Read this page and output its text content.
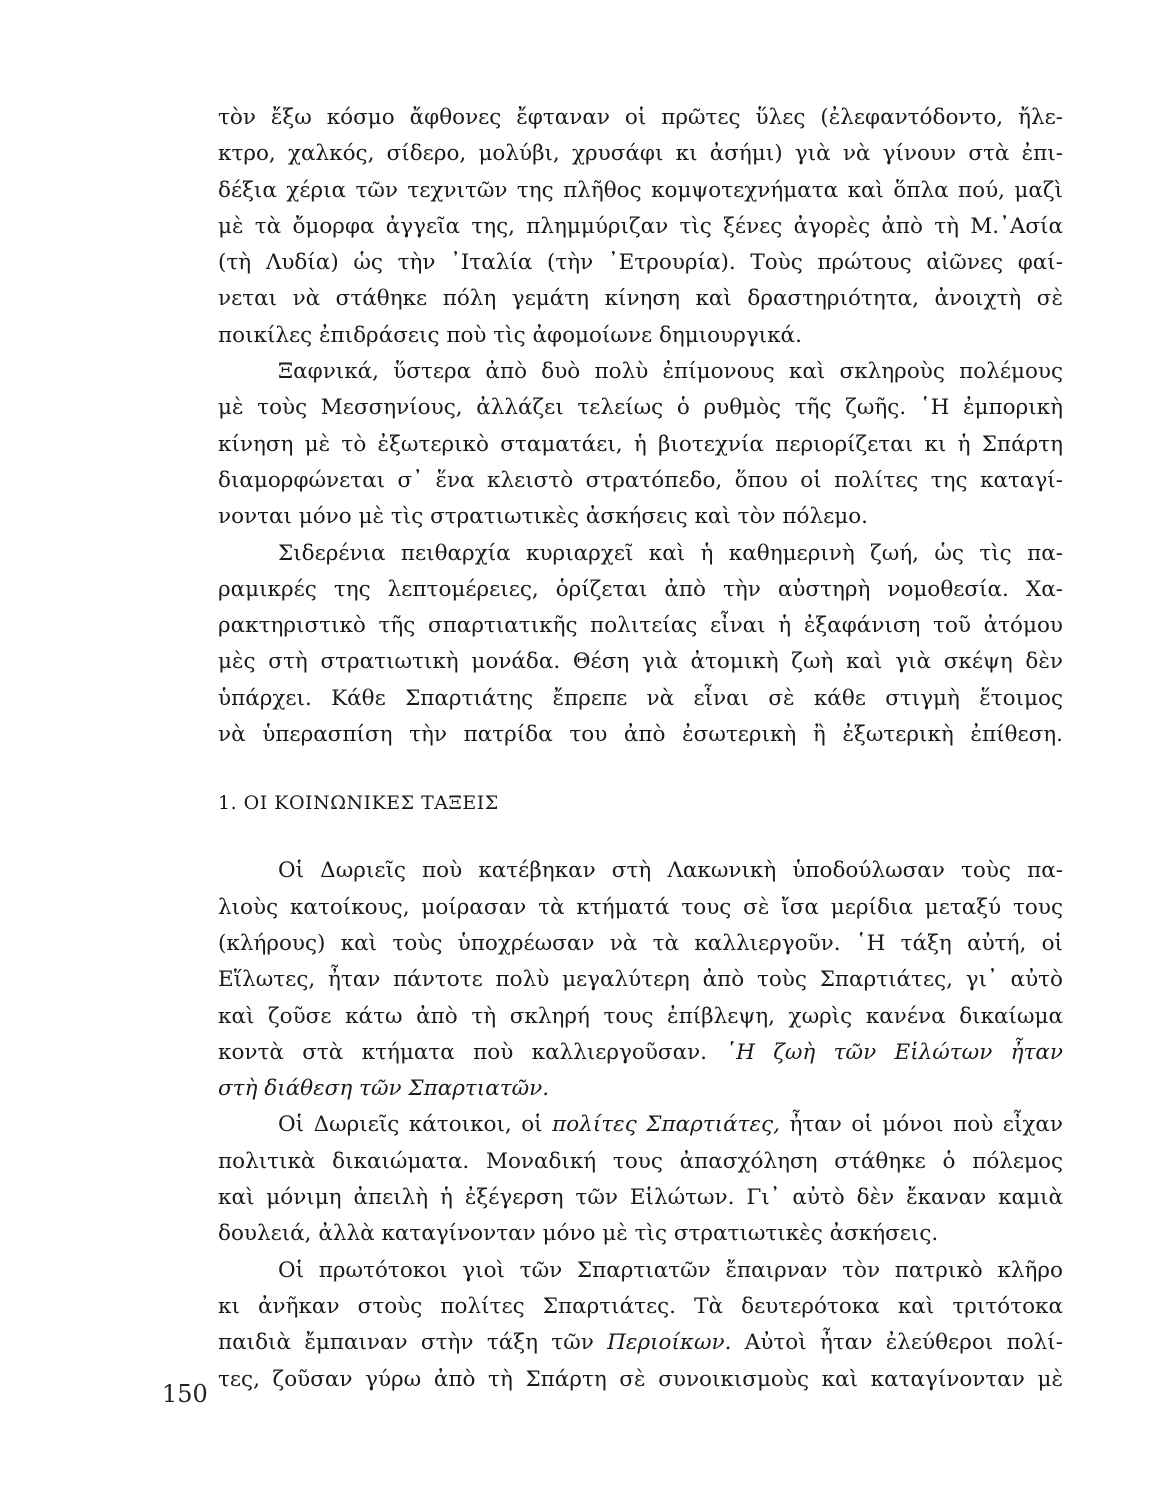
τὸν ἔξω κόσμο ἄφθονες ἔφταναν οἱ πρῶτες ὕλες (ἐλεφαντόδοντο, ἤλε-
κτρο, χαλκός, σίδερο, μολύβι, χρυσάφι κι ἀσήμι) γιὰ νὰ γίνουν στὰ ἐπι-
δέξια χέρια τῶν τεχνιτῶν της πλῆθος κομψοτεχνήματα καὶ ὅπλα πού, μαζὶ
μὲ τὰ ὄμορφα ἀγγεῖα της, πλημμύριζαν τὶς ξένες ἀγορὲς ἀπὸ τὴ Μ.᾿Ασία
(τὴ Λυδία) ὡς τὴν ᾿Ιταλία (τὴν ᾿Ετρουρία). Τοὺς πρώτους αἰῶνες φαί-
νεται νὰ στάθηκε πόλη γεμάτη κίνηση καὶ δραστηριότητα, ἀνοιχτὴ σὲ
ποικίλες ἐπιδράσεις ποὺ τὶς ἀφομοίωνε δημιουργικά.
Ξαφνικά, ὕστερα ἀπὸ δυὸ πολὺ ἐπίμονους καὶ σκληροὺς πολέμους
μὲ τοὺς Μεσσηνίους, ἀλλάζει τελείως ὁ ρυθμὸς τῆς ζωῆς. ῾Η ἐμπορικὴ
κίνηση μὲ τὸ ἐξωτερικὸ σταματάει, ἡ βιοτεχνία περιορίζεται κι ἡ Σπάρτη
διαμορφώνεται σ᾿ ἕνα κλειστὸ στρατόπεδο, ὅπου οἱ πολίτες της καταγί-
νονται μόνο μὲ τὶς στρατιωτικὲς ἀσκήσεις καὶ τὸν πόλεμο.
Σιδερένια πειθαρχία κυριαρχεῖ καὶ ἡ καθημερινὴ ζωή, ὡς τὶς πα-
ραμικρές της λεπτομέρειες, ὁρίζεται ἀπὸ τὴν αὐστηρὴ νομοθεσία. Χα-
ρακτηριστικὸ τῆς σπαρτιατικῆς πολιτείας εἶναι ἡ ἐξαφάνιση τοῦ ἀτόμου
μὲς στὴ στρατιωτικὴ μονάδα. Θέση γιὰ ἀτομικὴ ζωὴ καὶ γιὰ σκέψη δὲν
ὑπάρχει. Κάθε Σπαρτιάτης ἔπρεπε νὰ εἶναι σὲ κάθε στιγμὴ ἕτοιμος
νὰ ὑπερασπίση τὴν πατρίδα του ἀπὸ ἐσωτερικὴ ἢ ἐξωτερικὴ ἐπίθεση.
1. ΟΙ ΚΟΙΝΩΝΙΚΕΣ ΤΑΞΕΙΣ
Οἱ Δωριεῖς ποὺ κατέβηκαν στὴ Λακωνικὴ ὑποδούλωσαν τοὺς πα-
λιοὺς κατοίκους, μοίρασαν τὰ κτήματά τους σὲ ἴσα μερίδια μεταξύ τους
(κλήρους) καὶ τοὺς ὑποχρέωσαν νὰ τὰ καλλιεργοῦν. ῾Η τάξη αὐτή, οἱ
Εἵλωτες, ἦταν πάντοτε πολὺ μεγαλύτερη ἀπὸ τοὺς Σπαρτιάτες, γι᾿ αὐτὸ
καὶ ζοῦσε κάτω ἀπὸ τὴ σκληρή τους ἐπίβλεψη, χωρὶς κανένα δικαίωμα
κοντὰ στὰ κτήματα ποὺ καλλιεργοῦσαν. ῾Η ζωὴ τῶν Εἱλώτων ἦταν
στὴ διάθεση τῶν Σπαρτιατῶν.
Οἱ Δωριεῖς κάτοικοι, οἱ πολίτες Σπαρτιάτες, ἦταν οἱ μόνοι ποὺ εἶχαν
πολιτικὰ δικαιώματα. Μοναδική τους ἀπασχόληση στάθηκε ὁ πόλεμος
καὶ μόνιμη ἀπειλὴ ἡ ἐξέγερση τῶν Εἱλώτων. Γι᾿ αὐτὸ δὲν ἔκαναν καμιὰ
δουλειά, ἀλλὰ καταγίνονταν μόνο μὲ τὶς στρατιωτικὲς ἀσκήσεις.
Οἱ πρωτότοκοι γιοὶ τῶν Σπαρτιατῶν ἔπαιρναν τὸν πατρικὸ κλῆρο
κι ἀνῆκαν στοὺς πολίτες Σπαρτιάτες. Τὰ δευτερότοκα καὶ τριτότοκα
παιδιὰ ἔμπαιναν στὴν τάξη τῶν Περιοίκων. Αὐτοὶ ἦταν ἐλεύθεροι πολί-
τες, ζοῦσαν γύρω ἀπὸ τὴ Σπάρτη σὲ συνοικισμοὺς καὶ καταγίνονταν μὲ
150
